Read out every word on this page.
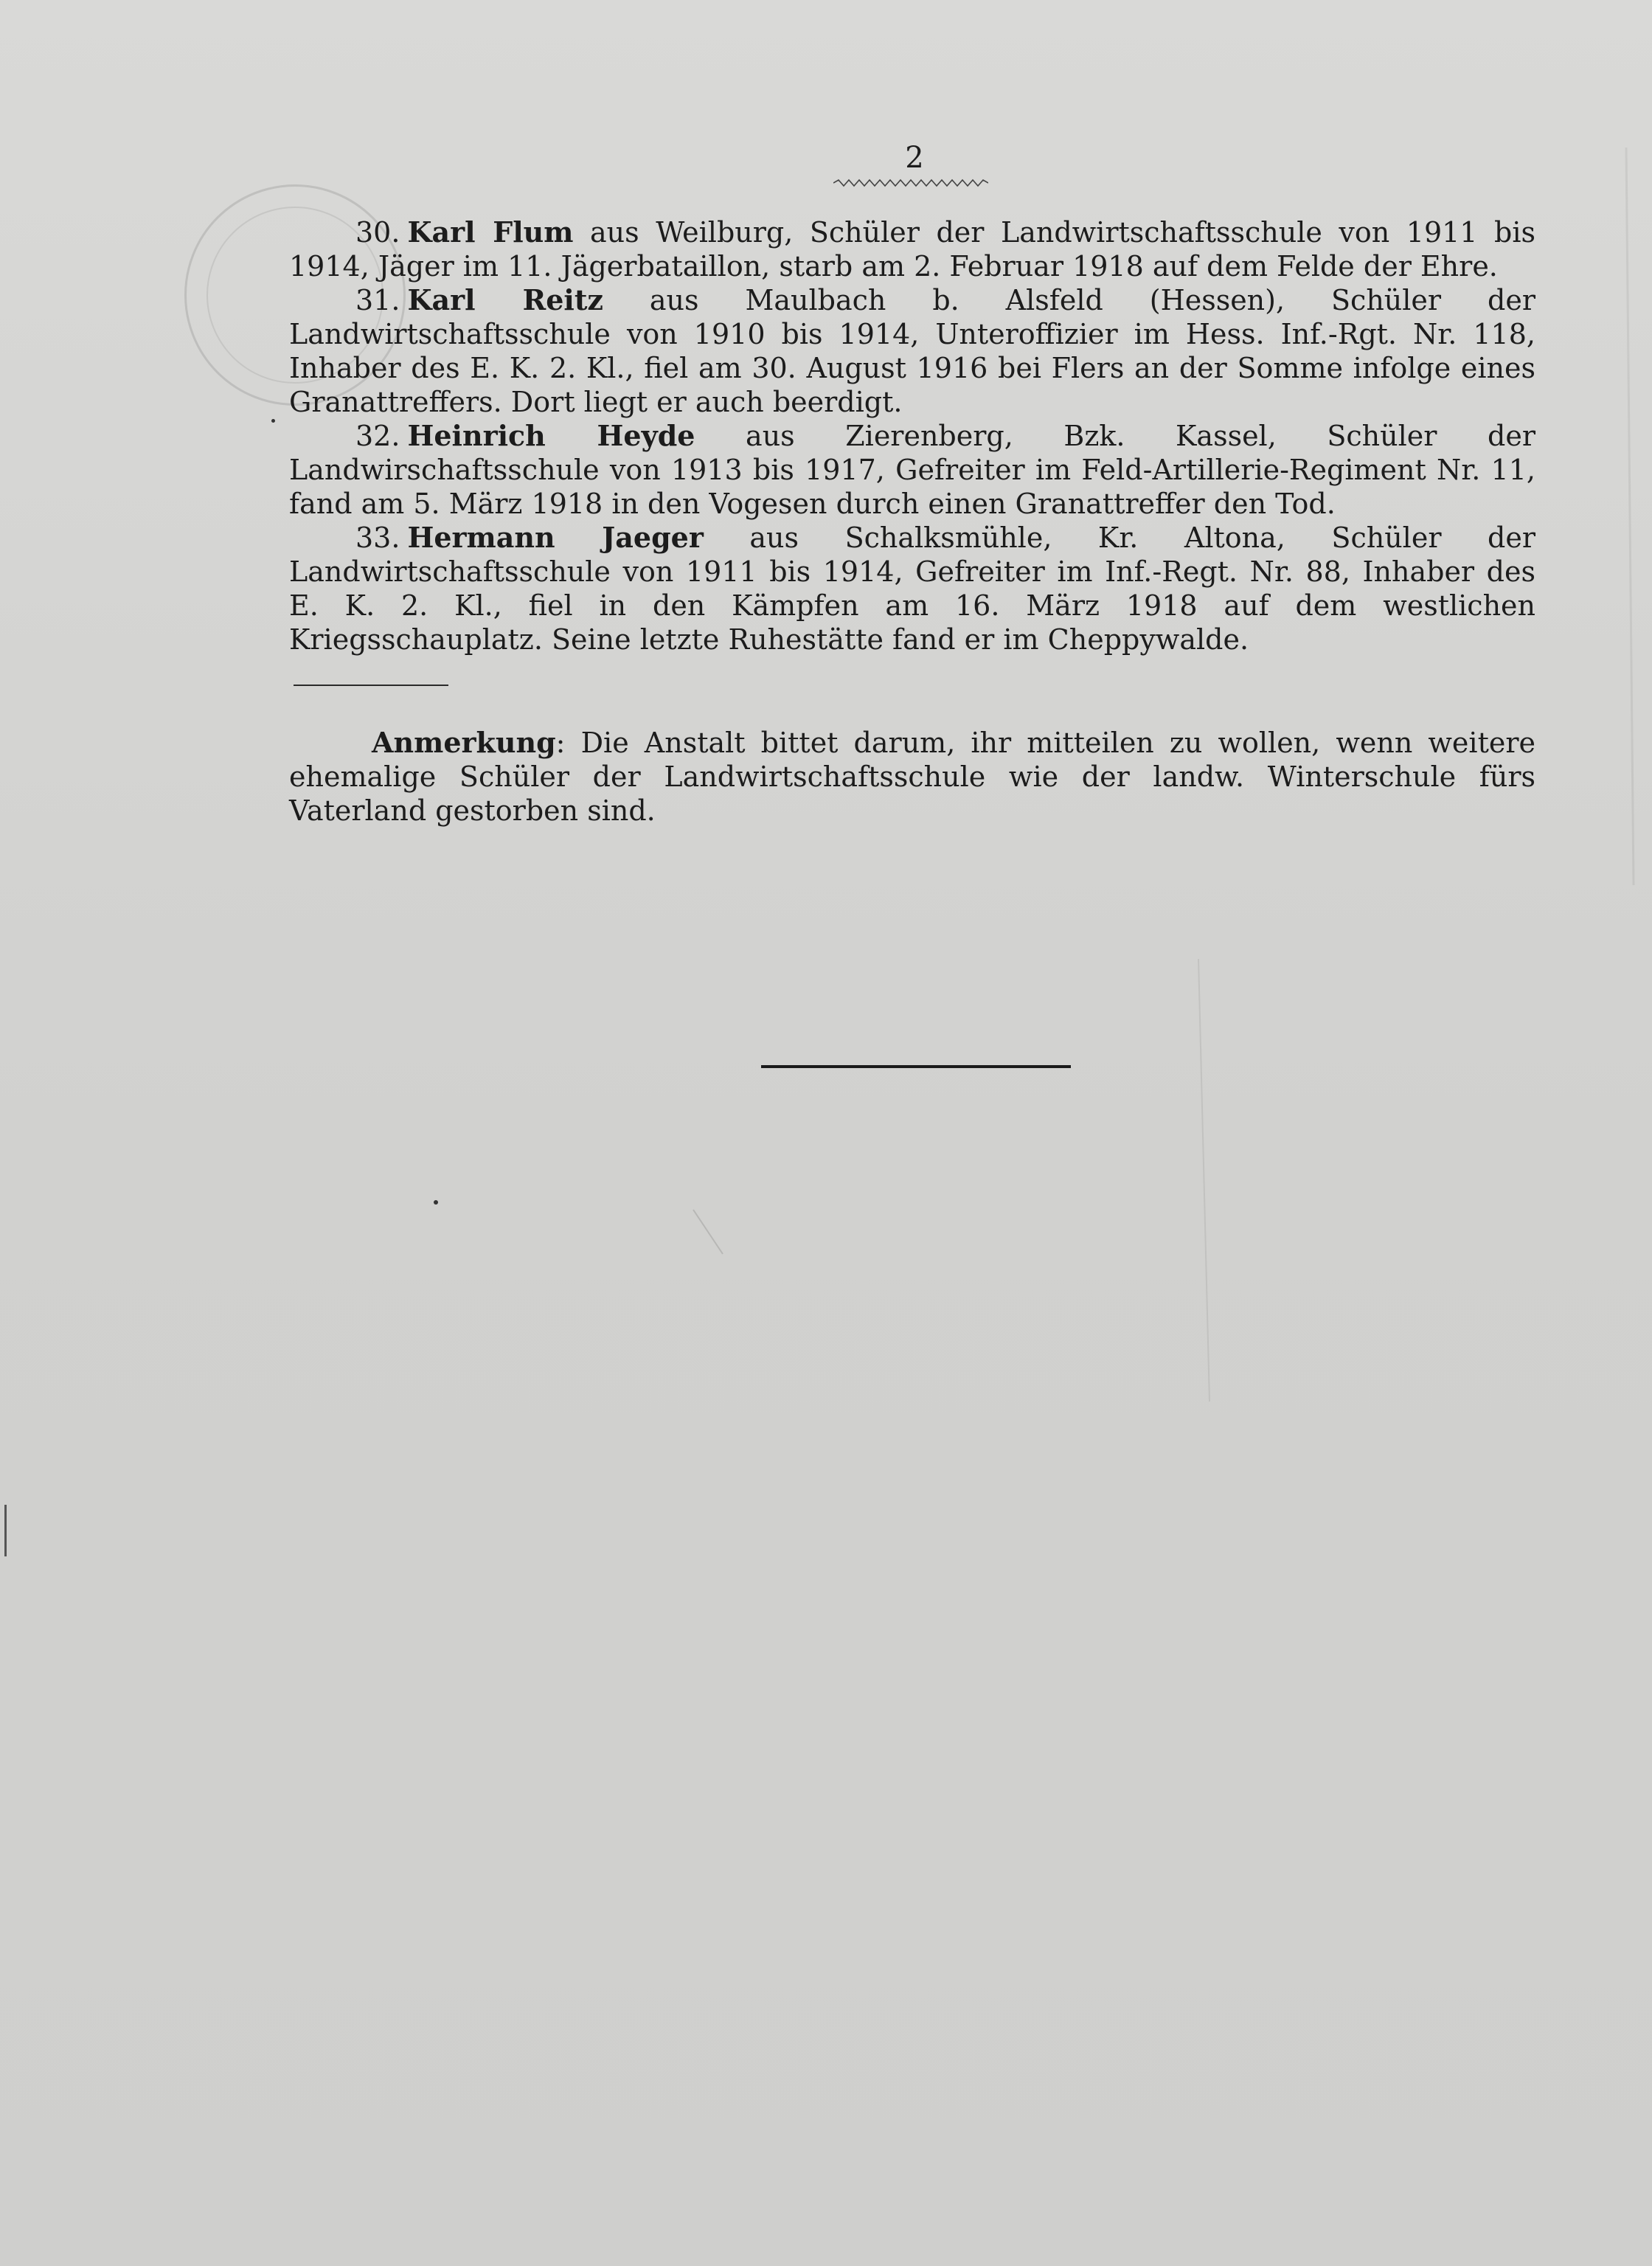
2

30. Karl Flum aus Weilburg, Schüler der Landwirtschaftsschule von 1911 bis 1914, Jäger im 11. Jägerbataillon, starb am 2. Februar 1918 auf dem Felde der Ehre.

31. Karl Reitz aus Maulbach b. Alsfeld (Hessen), Schüler der Landwirtschaftsschule von 1910 bis 1914, Unteroffizier im Hess. Inf.-Rgt. Nr. 118, Inhaber des E. K. 2. Kl., fiel am 30. August 1916 bei Flers an der Somme infolge eines Granattreffers. Dort liegt er auch beerdigt.

32. Heinrich Heyde aus Zierenberg, Bzk. Kassel, Schüler der Landwirschaftsschule von 1913 bis 1917, Gefreiter im Feld-Artillerie-Regiment Nr. 11, fand am 5. März 1918 in den Vogesen durch einen Granattreffer den Tod.

33. Hermann Jaeger aus Schalksmühle, Kr. Altona, Schüler der Landwirtschaftsschule von 1911 bis 1914, Gefreiter im Inf.-Regt. Nr. 88, Inhaber des E. K. 2. Kl., fiel in den Kämpfen am 16. März 1918 auf dem westlichen Kriegsschauplatz. Seine letzte Ruhestätte fand er im Cheppywalde.

Anmerkung: Die Anstalt bittet darum, ihr mitteilen zu wollen, wenn weitere ehemalige Schüler der Landwirtschaftsschule wie der landw. Winterschule fürs Vaterland gestorben sind.
